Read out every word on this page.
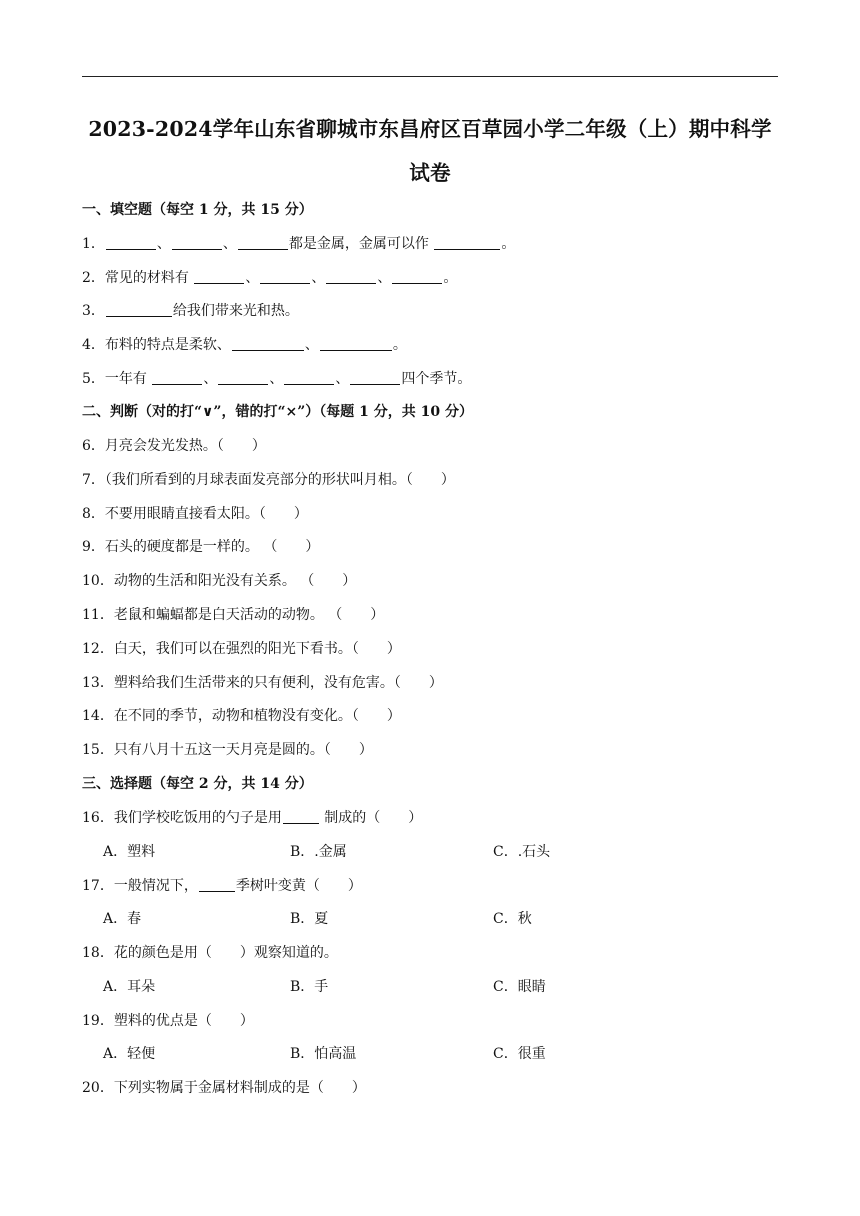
2023-2024学年山东省聊城市东昌府区百草园小学二年级（上）期中科学
试卷
一、填空题（每空 1 分，共 15 分）
1．	、	、	都是金属，金属可以作	。
2．常见的材料有	、	、	、	。
3．	给我们带来光和热。
4．布料的特点是柔软、	、	。
5．一年有	、	、	、	四个季节。
二、判断（对的打“∨”，错的打“×”）（每题 1 分，共 10 分）
6．月亮会发光发热。（　　）
7．（我们所看到的月球表面发亮部分的形状叫月相。（　　）
8．不要用眼睛直接看太阳。（　　）
9．石头的硬度都是一样的。 （　　）
10．动物的生活和阳光没有关系。 （　　）
11．老鼠和蝙蝠都是白天活动的动物。 （　　）
12．白天，我们可以在强烈的阳光下看书。（　　）
13．塑料给我们生活带来的只有便利，没有危害。（　　）
14．在不同的季节，动物和植物没有变化。（　　）
15．只有八月十五这一天月亮是圆的。（　　）
三、选择题（每空 2 分，共 14 分）
16．我们学校吃饭用的勺子是用	制成的（　　）
A．塑料	B．.金属	C．.石头
17．一般情况下，	季树叶变黄（　　）
A．春	B．夏	C．秋
18．花的颜色是用（　　）观察知道的。
A．耳朵	B．手	C．眼睛
19．塑料的优点是（　　）
A．轻便	B．怕高温	C．很重
20．下列实物属于金属材料制成的是（　　）
